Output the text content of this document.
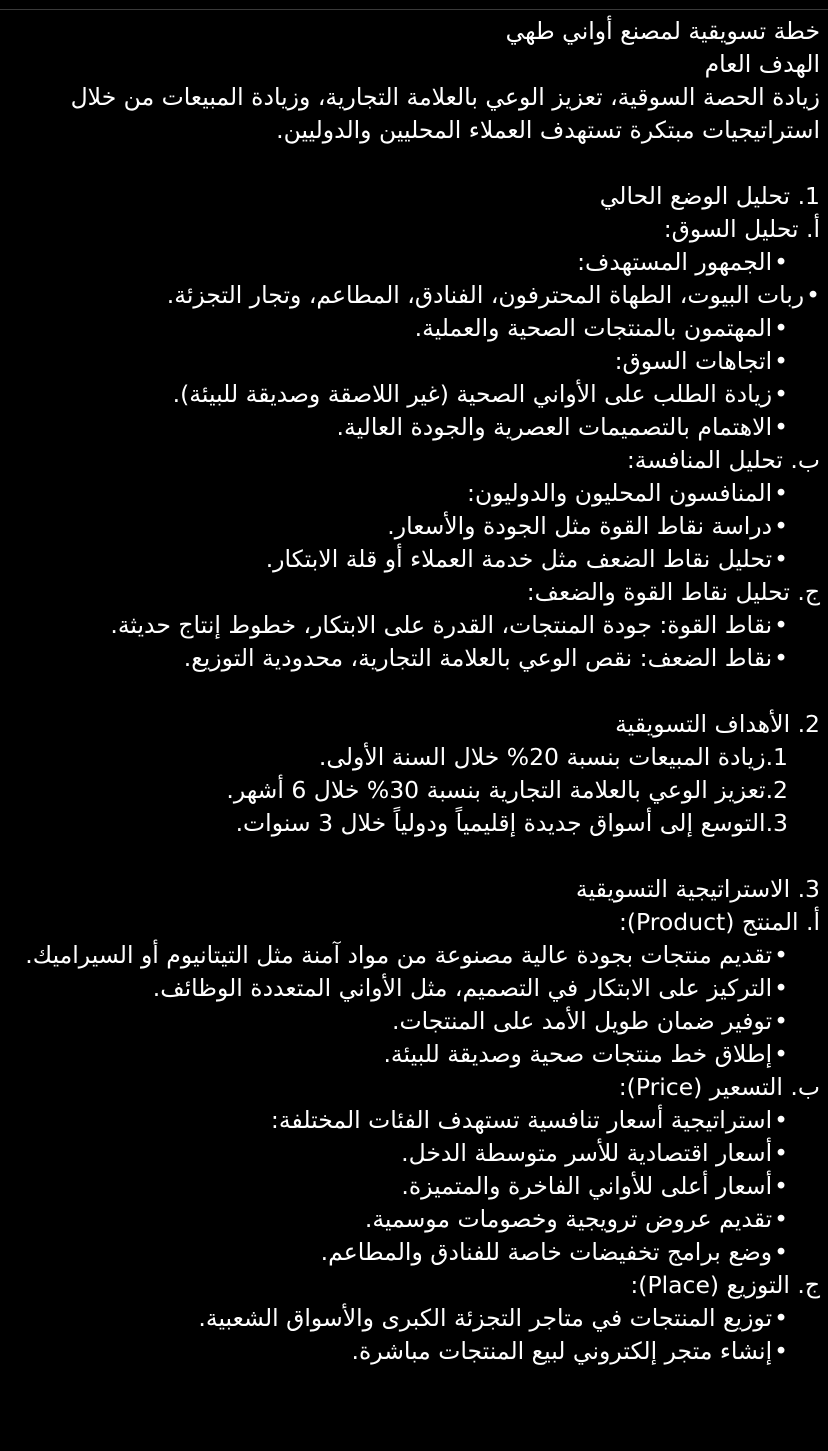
خطة تسويقية لمصنع أواني طهي
الهدف العام
زيادة الحصة السوقية، تعزيز الوعي بالعلامة التجارية، وزيادة المبيعات من خلال استراتيجيات مبتكرة تستهدف العملاء المحليين والدوليين.
1. تحليل الوضع الحالي
أ. تحليل السوق:
•الجمهور المستهدف:
•ربات البيوت، الطهاة المحترفون، الفنادق، المطاعم، وتجار التجزئة.
•المهتمون بالمنتجات الصحية والعملية.
•اتجاهات السوق:
•زيادة الطلب على الأواني الصحية (غير اللاصقة وصديقة للبيئة).
•الاهتمام بالتصميمات العصرية والجودة العالية.
ب. تحليل المنافسة:
•المنافسون المحليون والدوليون:
•دراسة نقاط القوة مثل الجودة والأسعار.
•تحليل نقاط الضعف مثل خدمة العملاء أو قلة الابتكار.
ج. تحليل نقاط القوة والضعف:
•نقاط القوة: جودة المنتجات، القدرة على الابتكار، خطوط إنتاج حديثة.
•نقاط الضعف: نقص الوعي بالعلامة التجارية، محدودية التوزيع.
2. الأهداف التسويقية
1.زيادة المبيعات بنسبة 20% خلال السنة الأولى.
2.تعزيز الوعي بالعلامة التجارية بنسبة 30% خلال 6 أشهر.
3.التوسع إلى أسواق جديدة إقليمياً ودولياً خلال 3 سنوات.
3. الاستراتيجية التسويقية
أ. المنتج (Product):
•تقديم منتجات بجودة عالية مصنوعة من مواد آمنة مثل التيتانيوم أو السيراميك.
•التركيز على الابتكار في التصميم، مثل الأواني المتعددة الوظائف.
•توفير ضمان طويل الأمد على المنتجات.
•إطلاق خط منتجات صحية وصديقة للبيئة.
ب. التسعير (Price):
•استراتيجية أسعار تنافسية تستهدف الفئات المختلفة:
•أسعار اقتصادية للأسر متوسطة الدخل.
•أسعار أعلى للأواني الفاخرة والمتميزة.
•تقديم عروض ترويجية وخصومات موسمية.
•وضع برامج تخفيضات خاصة للفنادق والمطاعم.
ج. التوزيع (Place):
•توزيع المنتجات في متاجر التجزئة الكبرى والأسواق الشعبية.
•إنشاء متجر إلكتروني لبيع المنتجات مباشرة.
